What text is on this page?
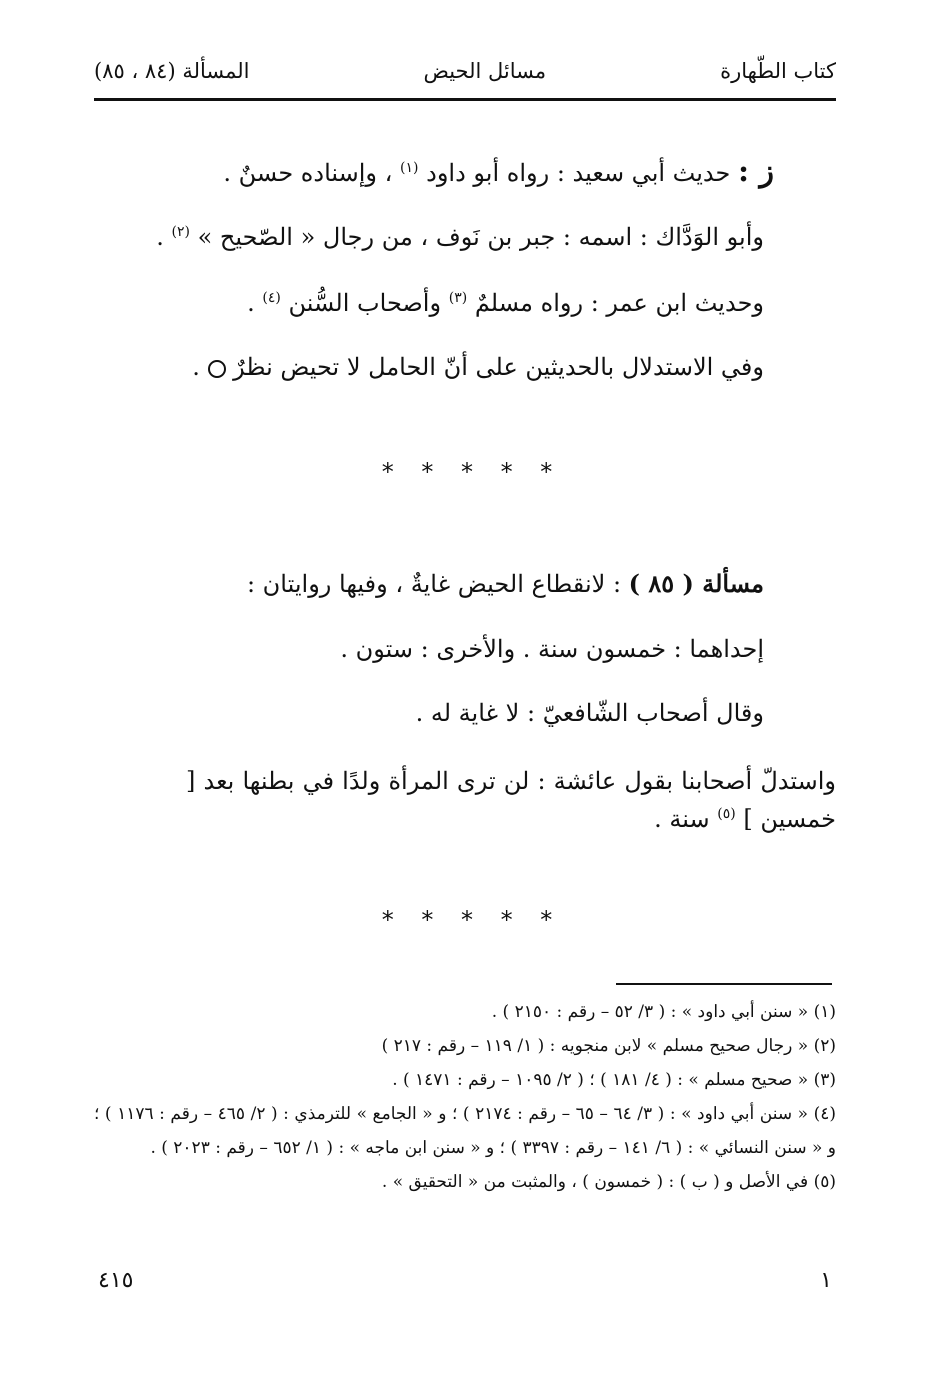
كتاب الطّهارة
مسائل الحيض
المسألة (٨٤ ، ٨٥)
ز : حديث أبي سعيد : رواه أبو داود $^{(١)}$ ، وإسناده حسنٌ .
وأبو الوَدَّاك : اسمه : جبر بن نَوف ، من رجال « الصّحيح » $^{(٢)}$ .
وحديث ابن عمر : رواه مسلمٌ $^{(٣)}$ وأصحاب السُّنن $^{(٤)}$ .
وفي الاستدلال بالحديثين على أنّ الحامل لا تحيض نظرٌ  .
* * * * *
مسألة ( ٨٥ ) : لانقطاع الحيض غايةٌ ، وفيها روايتان :
إحداهما : خمسون سنة . والأخرى : ستون .
وقال أصحاب الشّافعيّ : لا غاية له .
واستدلّ أصحابنا بقول عائشة : لن ترى المرأة ولدًا في بطنها بعد [ خمسين ] $^{(٥)}$ سنة .
* * * * *

(١) « سنن أبي داود » : ( ٣/ ٥٢ – رقم : ٢١٥٠ ) .

(٢) « رجال صحيح مسلم » لابن منجويه : ( ١/ ١١٩ – رقم : ٢١٧ )

(٣) « صحيح مسلم » : ( ٤/ ١٨١ ) ؛ ( ٢/ ١٠٩٥ – رقم : ١٤٧١ ) .

(٤) « سنن أبي داود » : ( ٣/ ٦٤ – ٦٥ – رقم : ٢١٧٤ ) ؛ و « الجامع » للترمذي : ( ٢/ ٤٦٥ – رقم : ١١٧٦ ) ؛ و « سنن النسائي » : ( ٦/ ١٤١ – رقم : ٣٣٩٧ ) ؛ و « سنن ابن ماجه » : ( ١/ ٦٥٢ – رقم : ٢٠٢٣ ) .

(٥) في الأصل و ( ب ) : ( خمسون ) ، والمثبت من « التحقيق » .

٤١٥	١
